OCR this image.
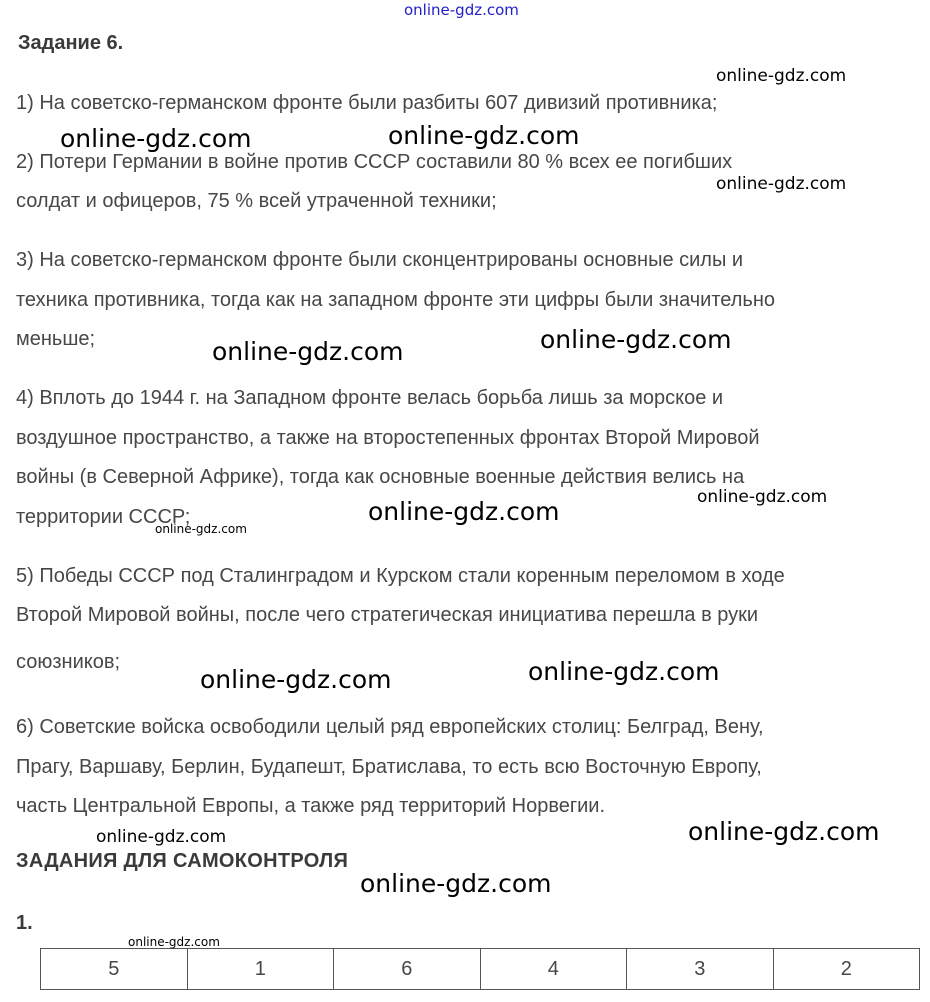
online-gdz.com
Задание 6.
1) На советско-германском фронте были разбиты 607 дивизий противника;
2) Потери Германии в войне против СССР составили 80 % всех ее погибших
солдат и офицеров, 75 % всей утраченной техники;
3) На советско-германском фронте были сконцентрированы основные силы и
техника противника, тогда как на западном фронте эти цифры были значительно
меньше;
4) Вплоть до 1944 г. на Западном фронте велась борьба лишь за морское и
воздушное пространство, а также на второстепенных фронтах Второй Мировой
войны (в Северной Африке), тогда как основные военные действия велись на
территории СССР;
5) Победы СССР под Сталинградом и Курском стали коренным переломом в ходе
Второй Мировой войны, после чего стратегическая инициатива перешла в руки
союзников;
6) Советские войска освободили целый ряд европейских столиц: Белград, Вену,
Прагу, Варшаву, Берлин, Будапешт, Братислава, то есть всю Восточную Европу,
часть Центральной Европы, а также ряд территорий Норвегии.
ЗАДАНИЯ ДЛЯ САМОКОНТРОЛЯ
1.
5	1	6	4	3	2
online-gdz.com
online-gdz.com	online-gdz.com
online-gdz.com
online-gdz.com	online-gdz.com
online-gdz.com
online-gdz.com
online-gdz.com
online-gdz.com	online-gdz.com
online-gdz.com	online-gdz.com
online-gdz.com
online-gdz.com
